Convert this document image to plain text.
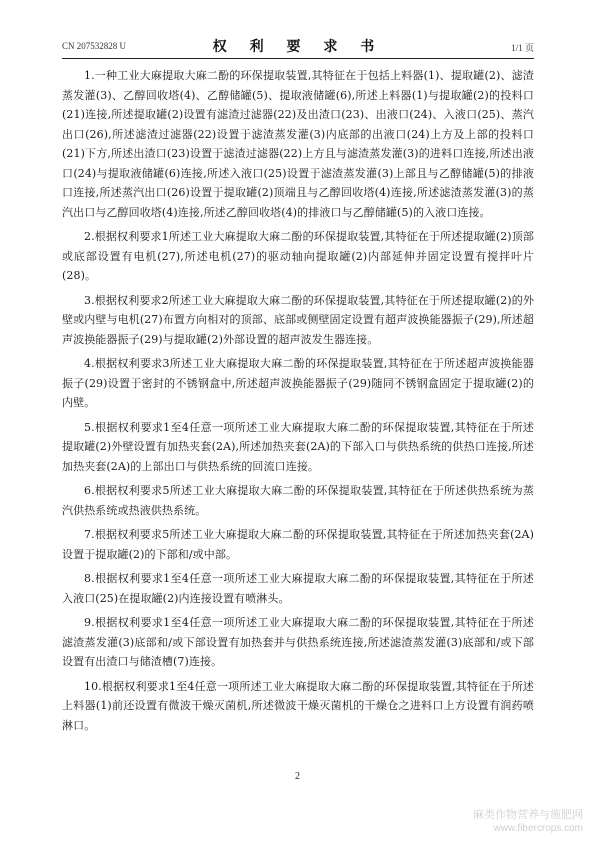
CN 207532828 U	权 利 要 求 书	1/1 页

1.一种工业大麻提取大麻二酚的环保提取装置,其特征在于包括上料器(1)、提取罐(2)、滤渣蒸发灌(3)、乙醇回收塔(4)、乙醇储罐(5)、提取液储罐(6),所述上料器(1)与提取罐(2)的投料口(21)连接,所述提取罐(2)设置有滤渣过滤器(22)及出渣口(23)、出液口(24)、入液口(25)、蒸汽出口(26),所述滤渣过滤器(22)设置于滤渣蒸发灌(3)内底部的出液口(24)上方及上部的投料口(21)下方,所述出渣口(23)设置于滤渣过滤器(22)上方且与滤渣蒸发灌(3)的进料口连接,所述出液口(24)与提取液储罐(6)连接,所述入液口(25)设置于滤渣蒸发灌(3)上部且与乙醇储罐(5)的排液口连接,所述蒸汽出口(26)设置于提取罐(2)顶端且与乙醇回收塔(4)连接,所述滤渣蒸发灌(3)的蒸汽出口与乙醇回收塔(4)连接,所述乙醇回收塔(4)的排液口与乙醇储罐(5)的入液口连接。

2.根据权利要求1所述工业大麻提取大麻二酚的环保提取装置,其特征在于所述提取罐(2)顶部或底部设置有电机(27),所述电机(27)的驱动轴向提取罐(2)内部延伸并固定设置有搅拌叶片(28)。

3.根据权利要求2所述工业大麻提取大麻二酚的环保提取装置,其特征在于所述提取罐(2)的外壁或内壁与电机(27)布置方向相对的顶部、底部或侧壁固定设置有超声波换能器振子(29),所述超声波换能器振子(29)与提取罐(2)外部设置的超声波发生器连接。

4.根据权利要求3所述工业大麻提取大麻二酚的环保提取装置,其特征在于所述超声波换能器振子(29)设置于密封的不锈钢盒中,所述超声波换能器振子(29)随同不锈钢盒固定于提取罐(2)的内壁。

5.根据权利要求1至4任意一项所述工业大麻提取大麻二酚的环保提取装置,其特征在于所述提取罐(2)外壁设置有加热夹套(2A),所述加热夹套(2A)的下部入口与供热系统的供热口连接,所述加热夹套(2A)的上部出口与供热系统的回流口连接。

6.根据权利要求5所述工业大麻提取大麻二酚的环保提取装置,其特征在于所述供热系统为蒸汽供热系统或热液供热系统。

7.根据权利要求5所述工业大麻提取大麻二酚的环保提取装置,其特征在于所述加热夹套(2A)设置于提取罐(2)的下部和/或中部。

8.根据权利要求1至4任意一项所述工业大麻提取大麻二酚的环保提取装置,其特征在于所述入液口(25)在提取罐(2)内连接设置有喷淋头。

9.根据权利要求1至4任意一项所述工业大麻提取大麻二酚的环保提取装置,其特征在于所述滤渣蒸发灌(3)底部和/或下部设置有加热套并与供热系统连接,所述滤渣蒸发灌(3)底部和/或下部设置有出渣口与储渣槽(7)连接。

10.根据权利要求1至4任意一项所述工业大麻提取大麻二酚的环保提取装置,其特征在于所述上料器(1)前还设置有微波干燥灭菌机,所述微波干燥灭菌机的干燥仓之进料口上方设置有润药喷淋口。

2
麻类作物营养与施肥网
www.fibercrops.com
